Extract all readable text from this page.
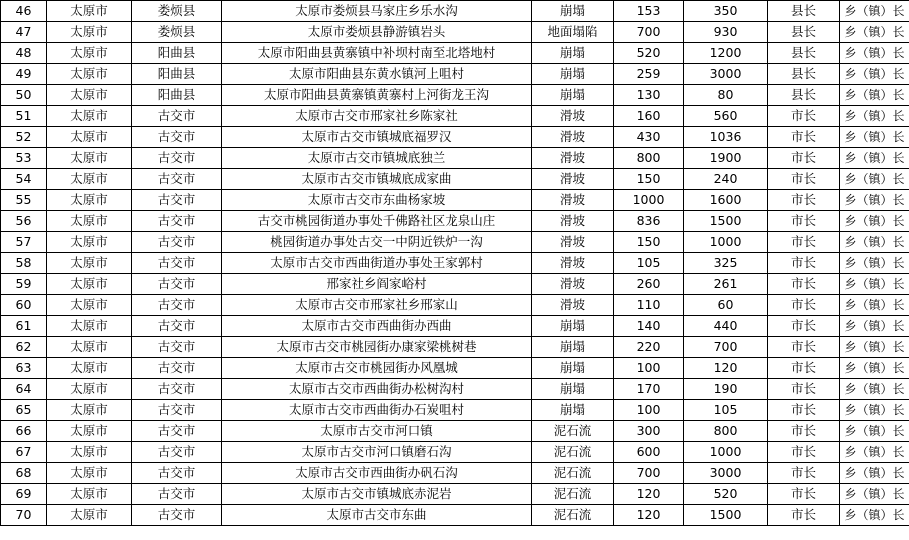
46	太原市	娄烦县	太原市娄烦县马家庄乡乐水沟	崩塌	153	350	县长	乡（镇）长
47	太原市	娄烦县	太原市娄烦县静游镇岩头	地面塌陷	700	930	县长	乡（镇）长
48	太原市	阳曲县	太原市阳曲县黄寨镇中补坝村南至北塔地村	崩塌	520	1200	县长	乡（镇）长
49	太原市	阳曲县	太原市阳曲县东黄水镇河上咀村	崩塌	259	3000	县长	乡（镇）长
50	太原市	阳曲县	太原市阳曲县黄寨镇黄寨村上河街龙王沟	崩塌	130	80	县长	乡（镇）长
51	太原市	古交市	太原市古交市邢家社乡陈家社	滑坡	160	560	市长	乡（镇）长
52	太原市	古交市	太原市古交市镇城底福罗汉	滑坡	430	1036	市长	乡（镇）长
53	太原市	古交市	太原市古交市镇城底独兰	滑坡	800	1900	市长	乡（镇）长
54	太原市	古交市	太原市古交市镇城底成家曲	滑坡	150	240	市长	乡（镇）长
55	太原市	古交市	太原市古交市东曲杨家坡	滑坡	1000	1600	市长	乡（镇）长
56	太原市	古交市	古交市桃园街道办事处千佛路社区龙泉山庄	滑坡	836	1500	市长	乡（镇）长
57	太原市	古交市	桃园街道办事处古交一中阴近铁炉一沟	滑坡	150	1000	市长	乡（镇）长
58	太原市	古交市	太原市古交市西曲街道办事处王家郭村	滑坡	105	325	市长	乡（镇）长
59	太原市	古交市	邢家社乡阎家峪村	滑坡	260	261	市长	乡（镇）长
60	太原市	古交市	太原市古交市邢家社乡邢家山	滑坡	110	60	市长	乡（镇）长
61	太原市	古交市	太原市古交市西曲街办西曲	崩塌	140	440	市长	乡（镇）长
62	太原市	古交市	太原市古交市桃园街办康家梁桃树巷	崩塌	220	700	市长	乡（镇）长
63	太原市	古交市	太原市古交市桃园街办风凰城	崩塌	100	120	市长	乡（镇）长
64	太原市	古交市	太原市古交市西曲街办松树沟村	崩塌	170	190	市长	乡（镇）长
65	太原市	古交市	太原市古交市西曲街办石炭咀村	崩塌	100	105	市长	乡（镇）长
66	太原市	古交市	太原市古交市河口镇	泥石流	300	800	市长	乡（镇）长
67	太原市	古交市	太原市古交市河口镇磨石沟	泥石流	600	1000	市长	乡（镇）长
68	太原市	古交市	太原市古交市西曲街办矾石沟	泥石流	700	3000	市长	乡（镇）长
69	太原市	古交市	太原市古交市镇城底赤泥岩	泥石流	120	520	市长	乡（镇）长
70	太原市	古交市	太原市古交市东曲	泥石流	120	1500	市长	乡（镇）长
